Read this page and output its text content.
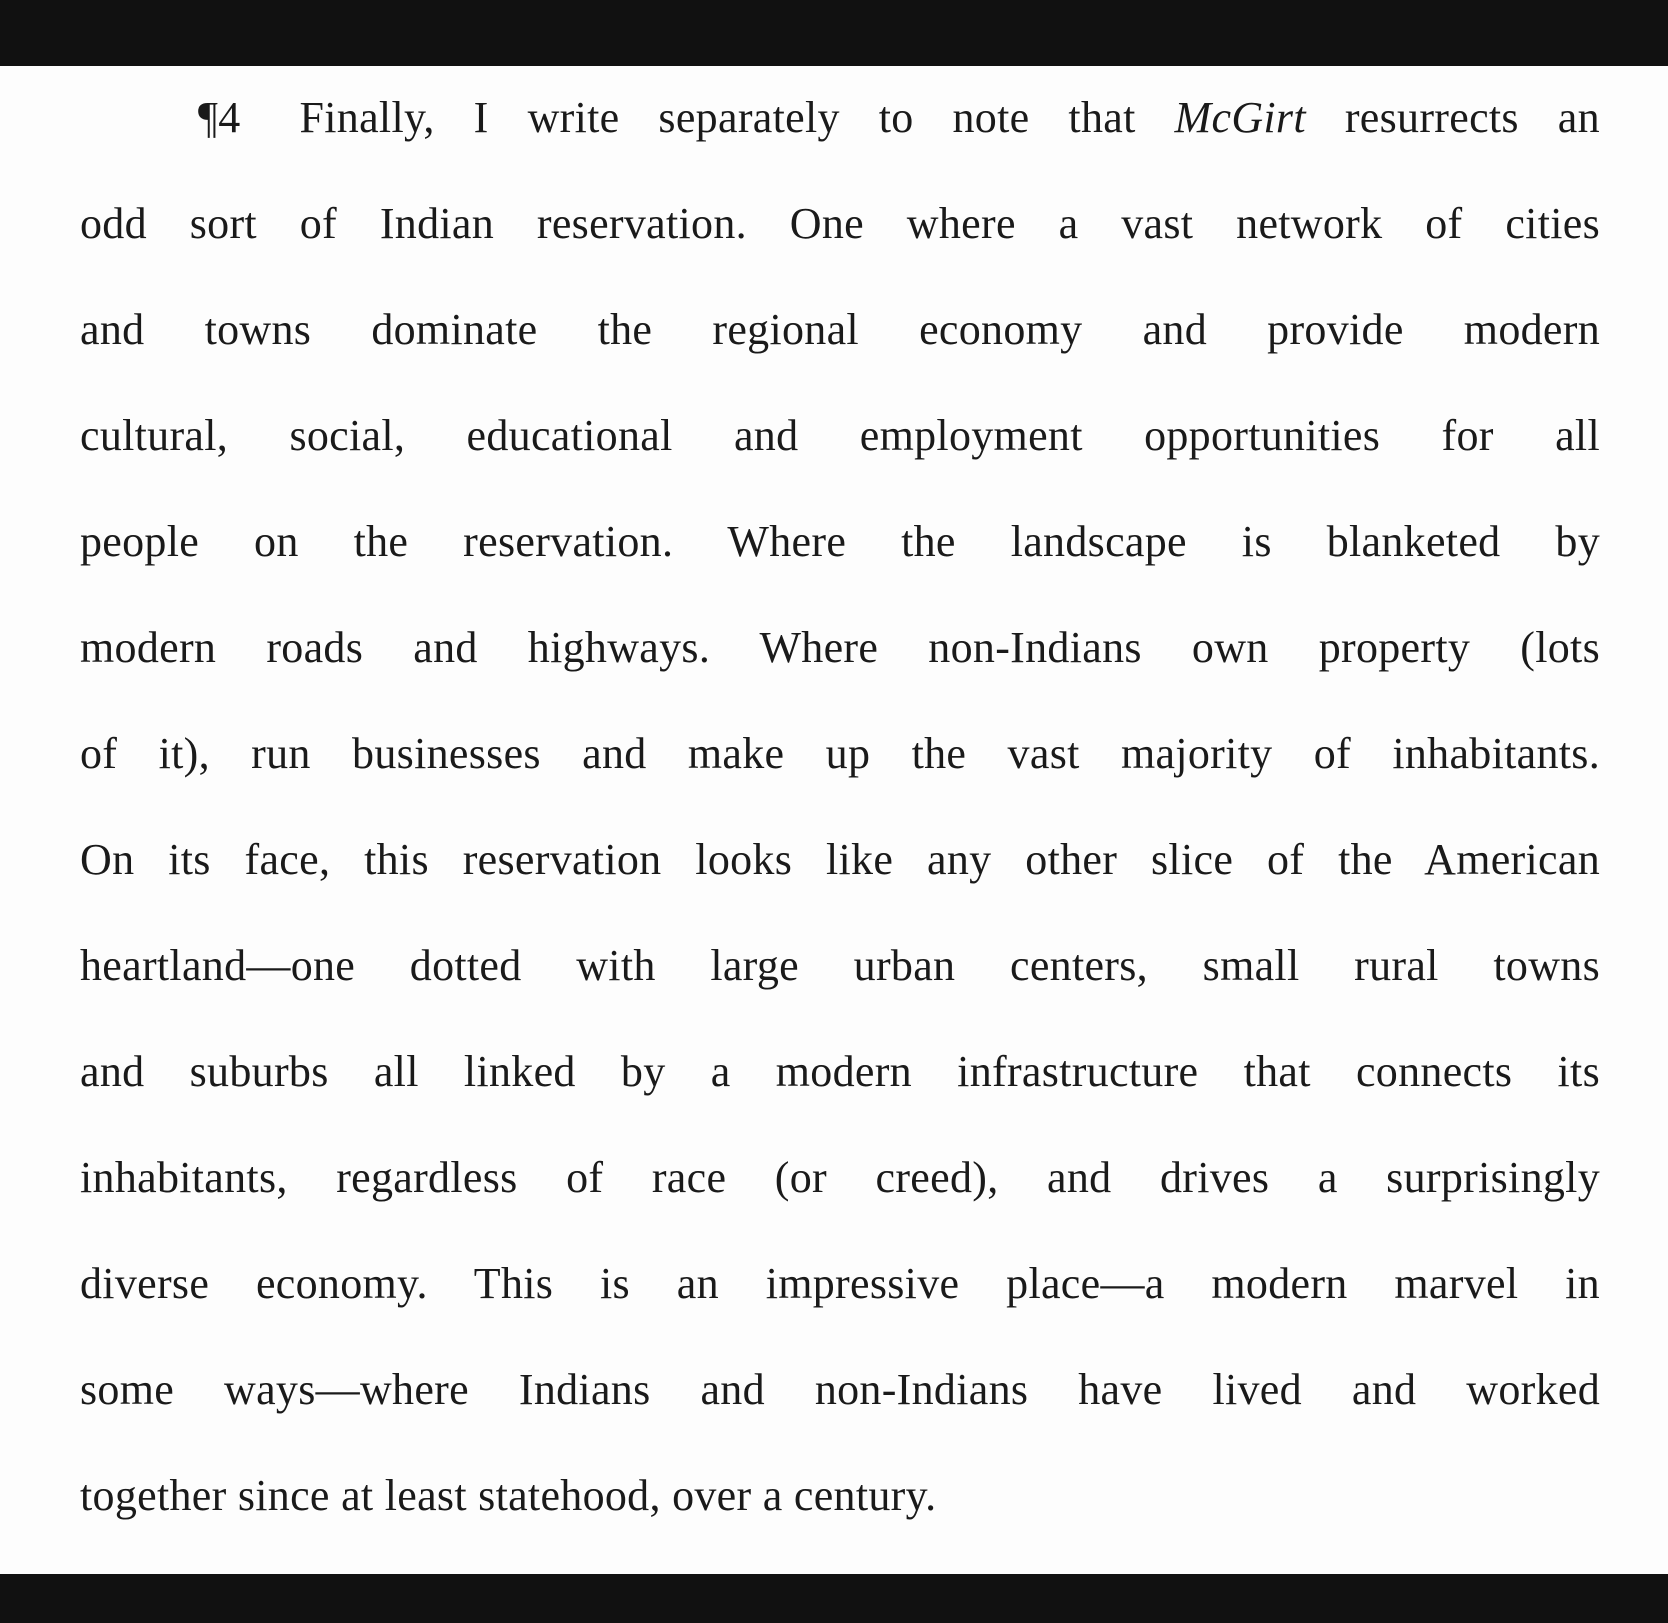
¶4 Finally, I write separately to note that McGirt resurrects an

odd sort of Indian reservation. One where a vast network of cities

and towns dominate the regional economy and provide modern

cultural, social, educational and employment opportunities for all

people on the reservation. Where the landscape is blanketed by

modern roads and highways. Where non-Indians own property (lots

of it), run businesses and make up the vast majority of inhabitants.

On its face, this reservation looks like any other slice of the American

heartland—one dotted with large urban centers, small rural towns

and suburbs all linked by a modern infrastructure that connects its

inhabitants, regardless of race (or creed), and drives a surprisingly

diverse economy. This is an impressive place—a modern marvel in

some ways—where Indians and non-Indians have lived and worked

together since at least statehood, over a century.
